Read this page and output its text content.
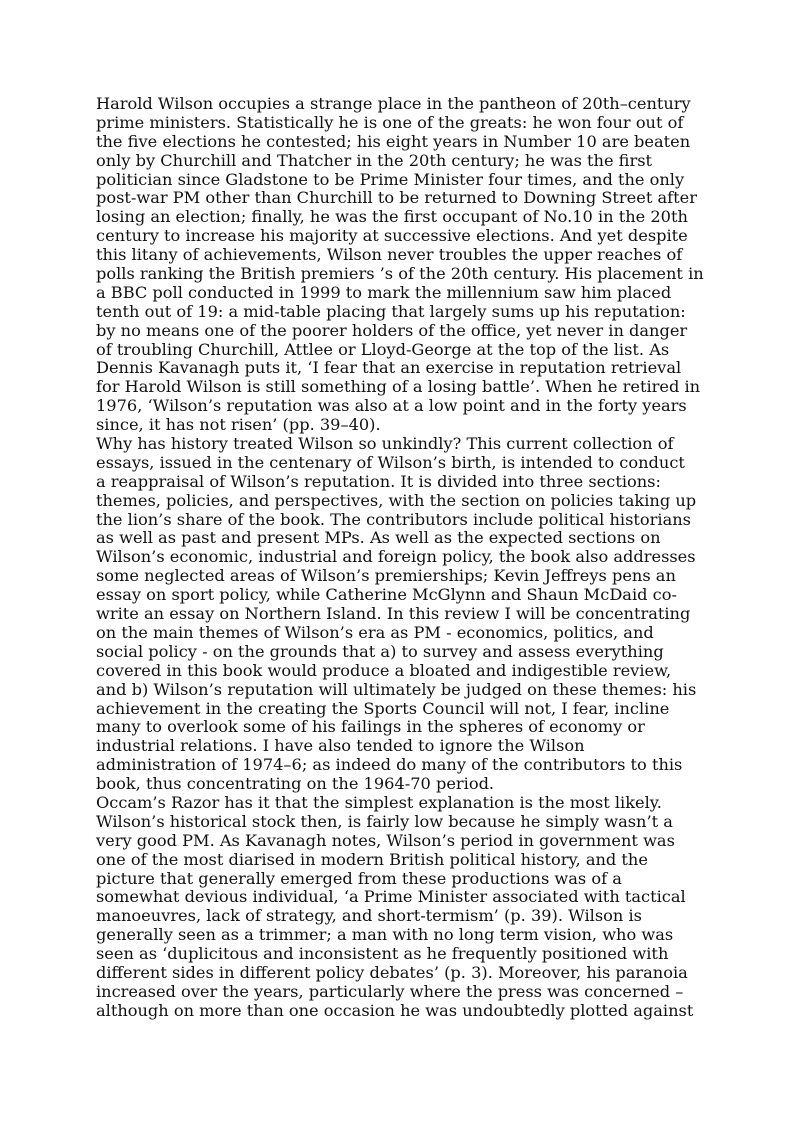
Harold Wilson occupies a strange place in the pantheon of 20th–century
prime ministers. Statistically he is one of the greats: he won four out of
the five elections he contested; his eight years in Number 10 are beaten
only by Churchill and Thatcher in the 20th century; he was the first
politician since Gladstone to be Prime Minister four times, and the only
post-war PM other than Churchill to be returned to Downing Street after
losing an election; finally, he was the first occupant of No.10 in the 20th
century to increase his majority at successive elections. And yet despite
this litany of achievements, Wilson never troubles the upper reaches of
polls ranking the British premiers ’s of the 20th century. His placement in
a BBC poll conducted in 1999 to mark the millennium saw him placed
tenth out of 19: a mid-table placing that largely sums up his reputation:
by no means one of the poorer holders of the office, yet never in danger
of troubling Churchill, Attlee or Lloyd-George at the top of the list. As
Dennis Kavanagh puts it, ‘I fear that an exercise in reputation retrieval
for Harold Wilson is still something of a losing battle’. When he retired in
1976, ‘Wilson’s reputation was also at a low point and in the forty years
since, it has not risen’ (pp. 39–40).
Why has history treated Wilson so unkindly? This current collection of
essays, issued in the centenary of Wilson’s birth, is intended to conduct
a reappraisal of Wilson’s reputation. It is divided into three sections:
themes, policies, and perspectives, with the section on policies taking up
the lion’s share of the book. The contributors include political historians
as well as past and present MPs. As well as the expected sections on
Wilson’s economic, industrial and foreign policy, the book also addresses
some neglected areas of Wilson’s premierships; Kevin Jeffreys pens an
essay on sport policy, while Catherine McGlynn and Shaun McDaid co-
write an essay on Northern Island. In this review I will be concentrating
on the main themes of Wilson’s era as PM - economics, politics, and
social policy - on the grounds that a) to survey and assess everything
covered in this book would produce a bloated and indigestible review,
and b) Wilson’s reputation will ultimately be judged on these themes: his
achievement in the creating the Sports Council will not, I fear, incline
many to overlook some of his failings in the spheres of economy or
industrial relations. I have also tended to ignore the Wilson
administration of 1974–6; as indeed do many of the contributors to this
book, thus concentrating on the 1964-70 period.
Occam’s Razor has it that the simplest explanation is the most likely.
Wilson’s historical stock then, is fairly low because he simply wasn’t a
very good PM. As Kavanagh notes, Wilson’s period in government was
one of the most diarised in modern British political history, and the
picture that generally emerged from these productions was of a
somewhat devious individual, ‘a Prime Minister associated with tactical
manoeuvres, lack of strategy, and short-termism’ (p. 39). Wilson is
generally seen as a trimmer; a man with no long term vision, who was
seen as ‘duplicitous and inconsistent as he frequently positioned with
different sides in different policy debates’ (p. 3). Moreover, his paranoia
increased over the years, particularly where the press was concerned –
although on more than one occasion he was undoubtedly plotted against
